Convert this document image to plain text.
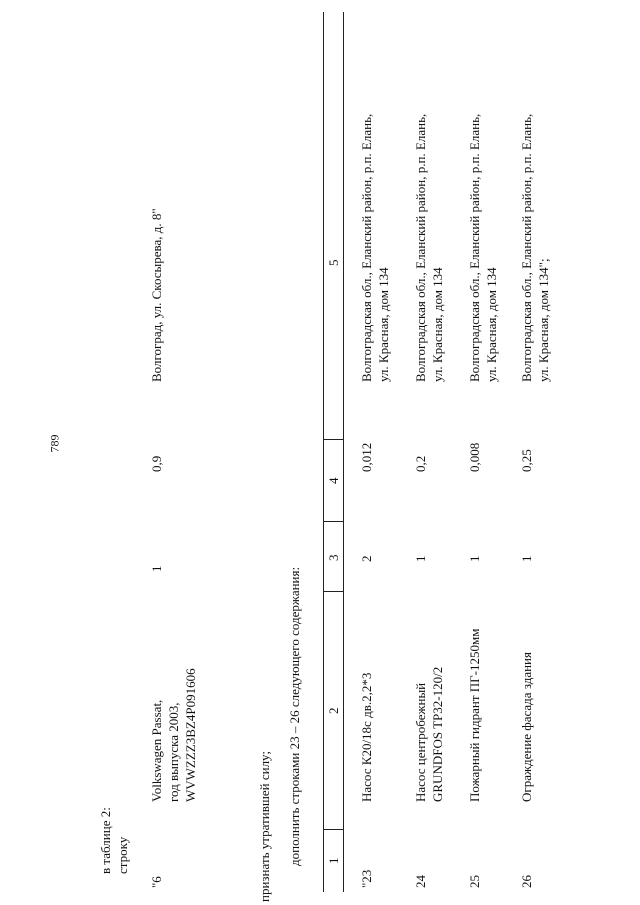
789
в таблице 2: строку
"6
Volkswagen Passat, год выпуска 2003, WVWZZZ3BZ4P091606
1
0,9
Волгоград, ул. Скосырева, д. 8"
признать утратившей силу; дополнить строками 23 – 26 следующего содержания: 1
2
3
4
5
"23
Насос К20/18с дв.2,2*3
2
0,012
Волгоградская обл., Еланский район, р.п. Елань, ул. Красная, дом 134
24
Насос центробежный GRUNDFOS TP32-120/2
1
0,2
Волгоградская обл., Еланский район, р.п. Елань, ул. Красная, дом 134
25
Пожарный гидрант ПГ-1250мм
1
0,008
Волгоградская обл., Еланский район, р.п. Елань, ул. Красная, дом 134
26
Ограждение фасада здания
1
0,25
Волгоградская обл., Еланский район, р.п. Елань, ул. Красная, дом 134";
